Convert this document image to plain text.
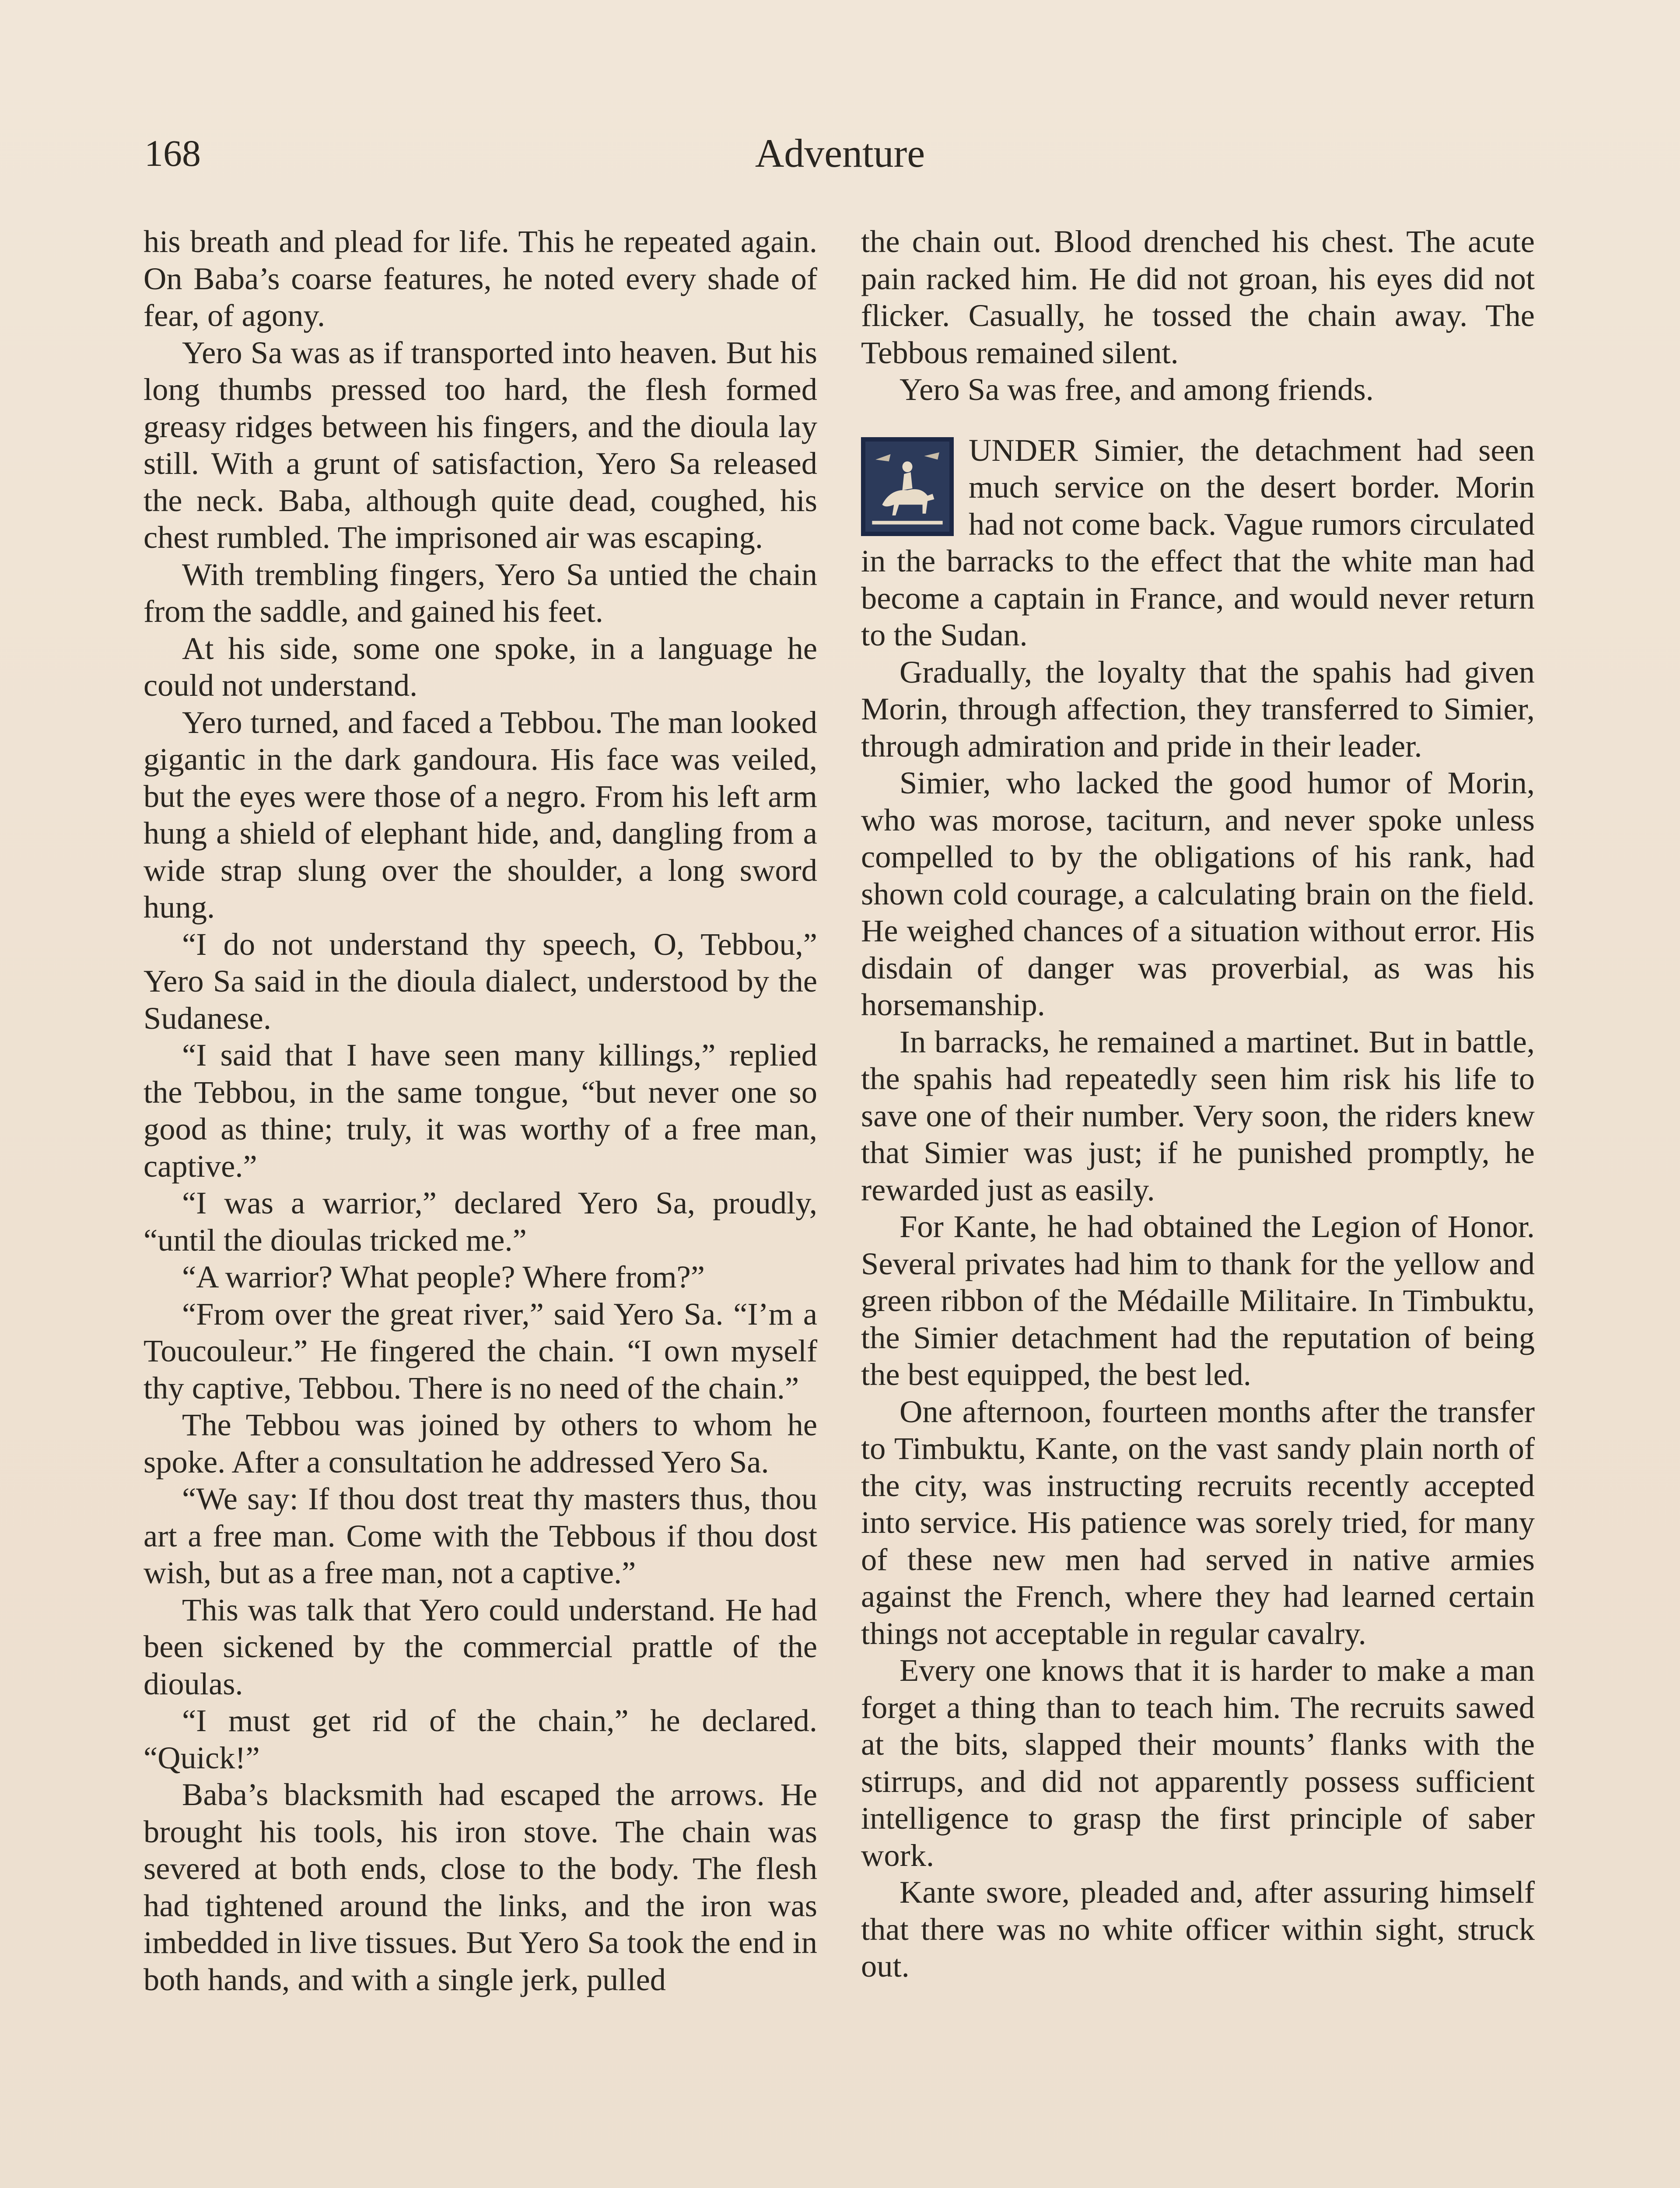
168	Adventure

his breath and plead for life. This he repeated again. On Baba’s coarse features, he noted every shade of fear, of agony.

Yero Sa was as if transported into heaven. But his long thumbs pressed too hard, the flesh formed greasy ridges between his fingers, and the dioula lay still. With a grunt of satisfaction, Yero Sa released the neck. Baba, although quite dead, coughed, his chest rumbled. The imprisoned air was escaping.

With trembling fingers, Yero Sa untied the chain from the saddle, and gained his feet.

At his side, some one spoke, in a language he could not understand.

Yero turned, and faced a Tebbou. The man looked gigantic in the dark gandoura. His face was veiled, but the eyes were those of a negro. From his left arm hung a shield of elephant hide, and, dangling from a wide strap slung over the shoulder, a long sword hung.

“I do not understand thy speech, O, Tebbou,” Yero Sa said in the dioula dialect, understood by the Sudanese.

“I said that I have seen many killings,” replied the Tebbou, in the same tongue, “but never one so good as thine; truly, it was worthy of a free man, captive.”

“I was a warrior,” declared Yero Sa, proudly, “until the dioulas tricked me.”

“A warrior? What people? Where from?”

“From over the great river,” said Yero Sa. “I’m a Toucouleur.” He fingered the chain. “I own myself thy captive, Tebbou. There is no need of the chain.”

The Tebbou was joined by others to whom he spoke. After a consultation he addressed Yero Sa.

“We say: If thou dost treat thy masters thus, thou art a free man. Come with the Tebbous if thou dost wish, but as a free man, not a captive.”

This was talk that Yero could understand. He had been sickened by the commercial prattle of the dioulas.

“I must get rid of the chain,” he declared. “Quick!”

Baba’s blacksmith had escaped the arrows. He brought his tools, his iron stove. The chain was severed at both ends, close to the body. The flesh had tightened around the links, and the iron was imbedded in live tissues. But Yero Sa took the end in both hands, and with a single jerk, pulled

the chain out. Blood drenched his chest. The acute pain racked him. He did not groan, his eyes did not flicker. Casually, he tossed the chain away. The Tebbous remained silent.

Yero Sa was free, and among friends.

UNDER Simier, the detachment had seen much service on the desert border. Morin had not come back. Vague rumors circulated in the barracks to the effect that the white man had become a captain in France, and would never return to the Sudan.

Gradually, the loyalty that the spahis had given Morin, through affection, they transferred to Simier, through admiration and pride in their leader.

Simier, who lacked the good humor of Morin, who was morose, taciturn, and never spoke unless compelled to by the obligations of his rank, had shown cold courage, a calculating brain on the field. He weighed chances of a situation without error. His disdain of danger was proverbial, as was his horsemanship.

In barracks, he remained a martinet. But in battle, the spahis had repeatedly seen him risk his life to save one of their number. Very soon, the riders knew that Simier was just; if he punished promptly, he rewarded just as easily.

For Kante, he had obtained the Legion of Honor. Several privates had him to thank for the yellow and green ribbon of the Médaille Militaire. In Timbuktu, the Simier detachment had the reputation of being the best equipped, the best led.

One afternoon, fourteen months after the transfer to Timbuktu, Kante, on the vast sandy plain north of the city, was instructing recruits recently accepted into service. His patience was sorely tried, for many of these new men had served in native armies against the French, where they had learned certain things not acceptable in regular cavalry.

Every one knows that it is harder to make a man forget a thing than to teach him. The recruits sawed at the bits, slapped their mounts’ flanks with the stirrups, and did not apparently possess sufficient intelligence to grasp the first principle of saber work.

Kante swore, pleaded and, after assuring himself that there was no white officer within sight, struck out.
